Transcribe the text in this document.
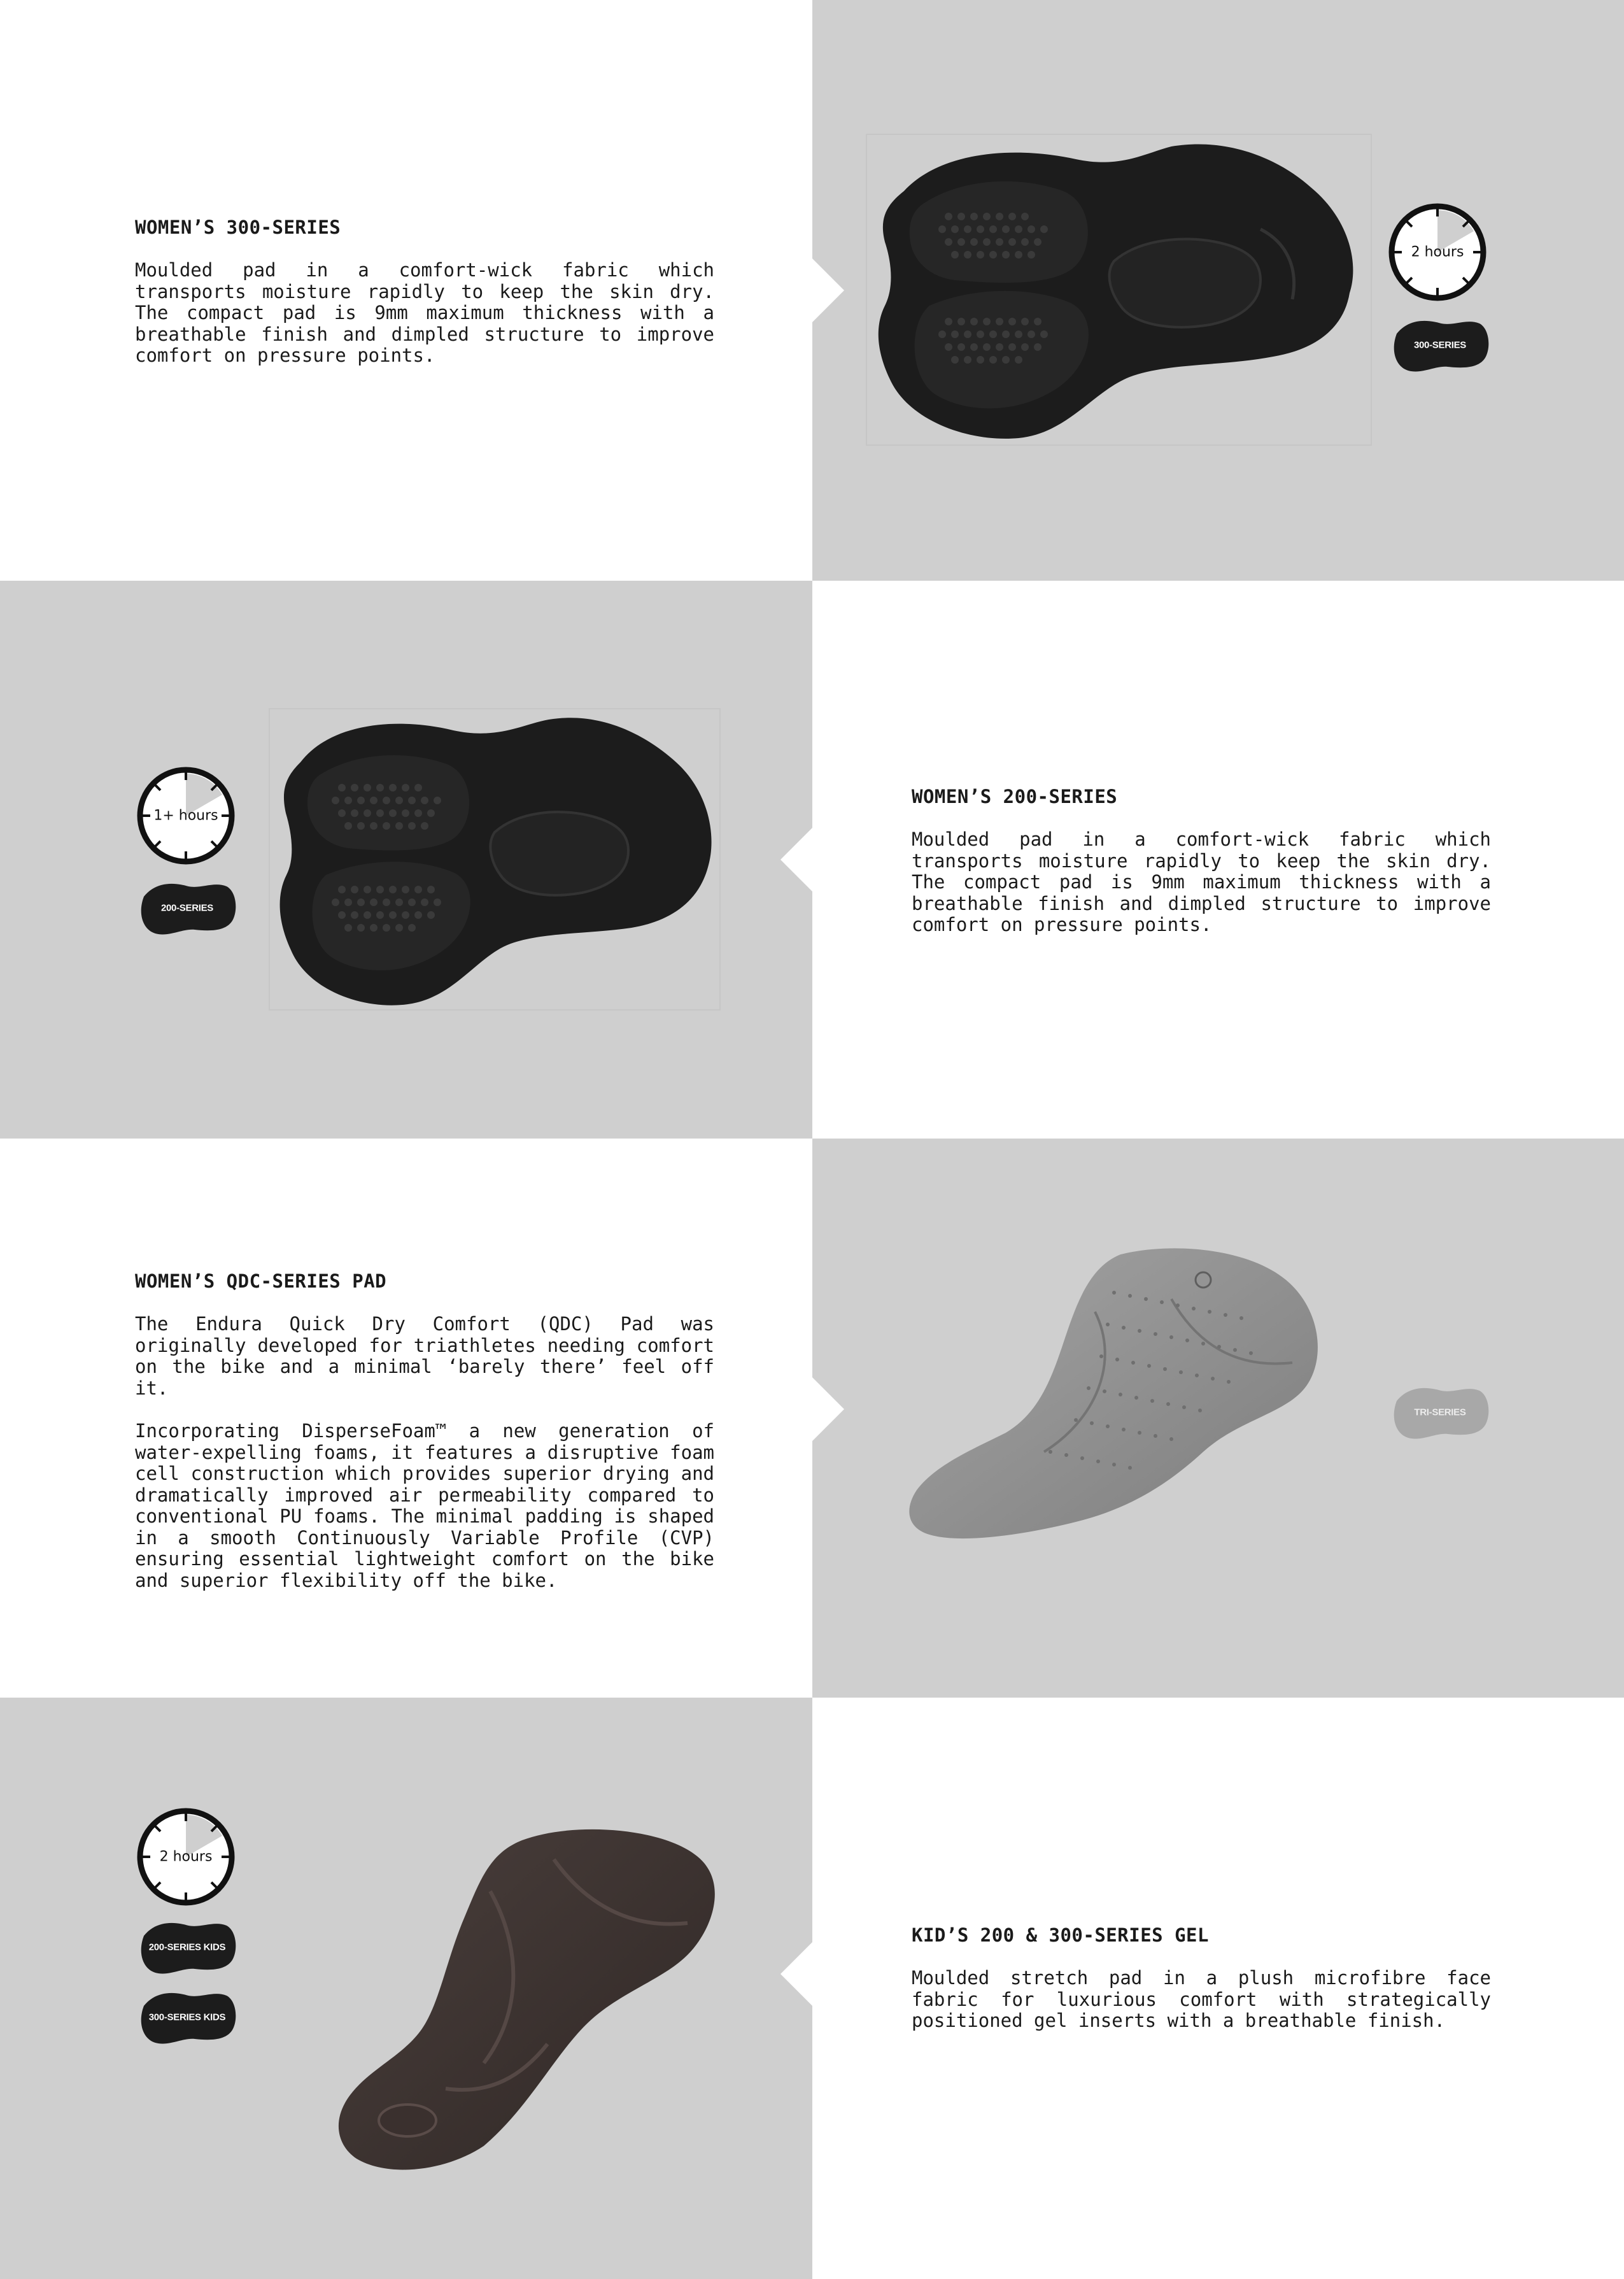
WOMEN’S 300-SERIES
Moulded pad in a comfort-wick fabric which transports moisture rapidly to keep the skin dry. The compact pad is 9mm maximum thickness with a breathable finish and dimpled structure to improve comfort on pressure points.
2 hours
300-SERIES
1+ hours
200-SERIES
WOMEN’S 200-SERIES
Moulded pad in a comfort-wick fabric which transports moisture rapidly to keep the skin dry. The compact pad is 9mm maximum thickness with a breathable finish and dimpled structure to improve comfort on pressure points.
WOMEN’S QDC-SERIES PAD
The Endura Quick Dry Comfort (QDC) Pad was originally developed for triathletes needing comfort on the bike and a minimal ‘barely there’ feel off it.
Incorporating DisperseFoam™ a new generation of water-expelling foams, it features a disruptive foam cell construction which provides superior drying and dramatically improved air permeability compared to conventional PU foams. The minimal padding is shaped in a smooth Continuously Variable Profile (CVP) ensuring essential lightweight comfort on the bike and superior flexibility off the bike.
TRI-SERIES
2 hours
200-SERIES KIDS
300-SERIES KIDS
KID’S 200 & 300-SERIES GEL
Moulded stretch pad in a plush microfibre face fabric for luxurious comfort with strategically positioned gel inserts with a breathable finish.
